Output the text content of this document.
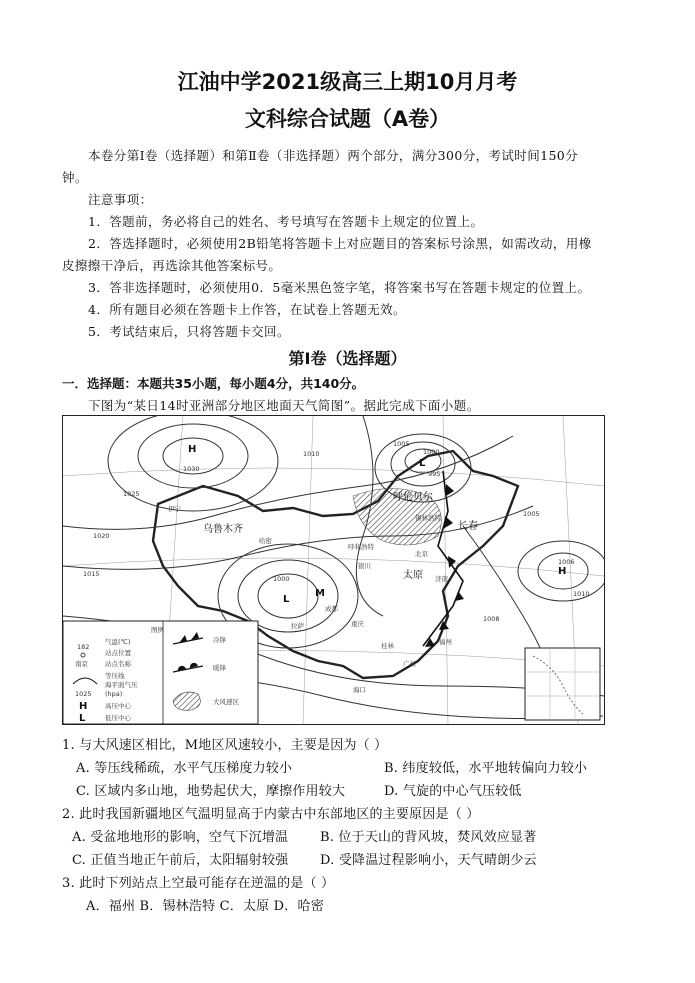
江油中学2021级高三上期10月月考
文科综合试题（A卷）
本卷分第Ⅰ卷（选择题）和第Ⅱ卷（非选择题）两个部分，满分300分，考试时间150分
钟。
注意事项：
1．答题前，务必将自己的姓名、考号填写在答题卡上规定的位置上。
2．答选择题时，必须使用2B铅笔将答题卡上对应题目的答案标号涂黑，如需改动，用橡
皮擦擦干净后，再选涂其他答案标号。
3．答非选择题时，必须使用0．5毫米黑色签字笔，将答案书写在答题卡规定的位置上。
4．所有题目必须在答题卡上作答，在试卷上答题无效。
5．考试结束后，只将答题卡交回。
第Ⅰ卷（选择题）
一．选择题：本题共35小题，每小题4分，共140分。
下图为“某日14时亚洲部分地区地面天气简图”。据此完成下面小题。
H
L
L
H
M
乌鲁木齐
呼伦贝尔
锡林浩特
长春
哈密
呼和浩特
北京
银川
太原 济南
成都
重庆
桂林	福州
广州
拉萨
伊宁
海口
1030
1025
1020
1015
1010
1005
1000
995
1005
1010
1000
1006
1008
图例
182
南京
气温(℃)
站点位置
站点名称
1025
等压线
海平面气压
(hpa)
H	高压中心
L	低压中心
冷锋
暖锋
大风速区
1. 与大风速区相比，M地区风速较小，主要是因为（ ）
A. 等压线稀疏，水平气压梯度力较小	B. 纬度较低，水平地转偏向力较小
C. 区域内多山地，地势起伏大，摩擦作用较大	D. 气旋的中心气压较低
2. 此时我国新疆地区气温明显高于内蒙古中东部地区的主要原因是（ ）
A. 受盆地地形的影响，空气下沉增温 B. 位于天山的背风坡，焚风效应显著
C. 正值当地正午前后，太阳辐射较强 D. 受降温过程影响小，天气晴朗少云
3. 此时下列站点上空最可能存在逆温的是（ ）
A．福州 B．锡林浩特 C．太原 D．哈密
